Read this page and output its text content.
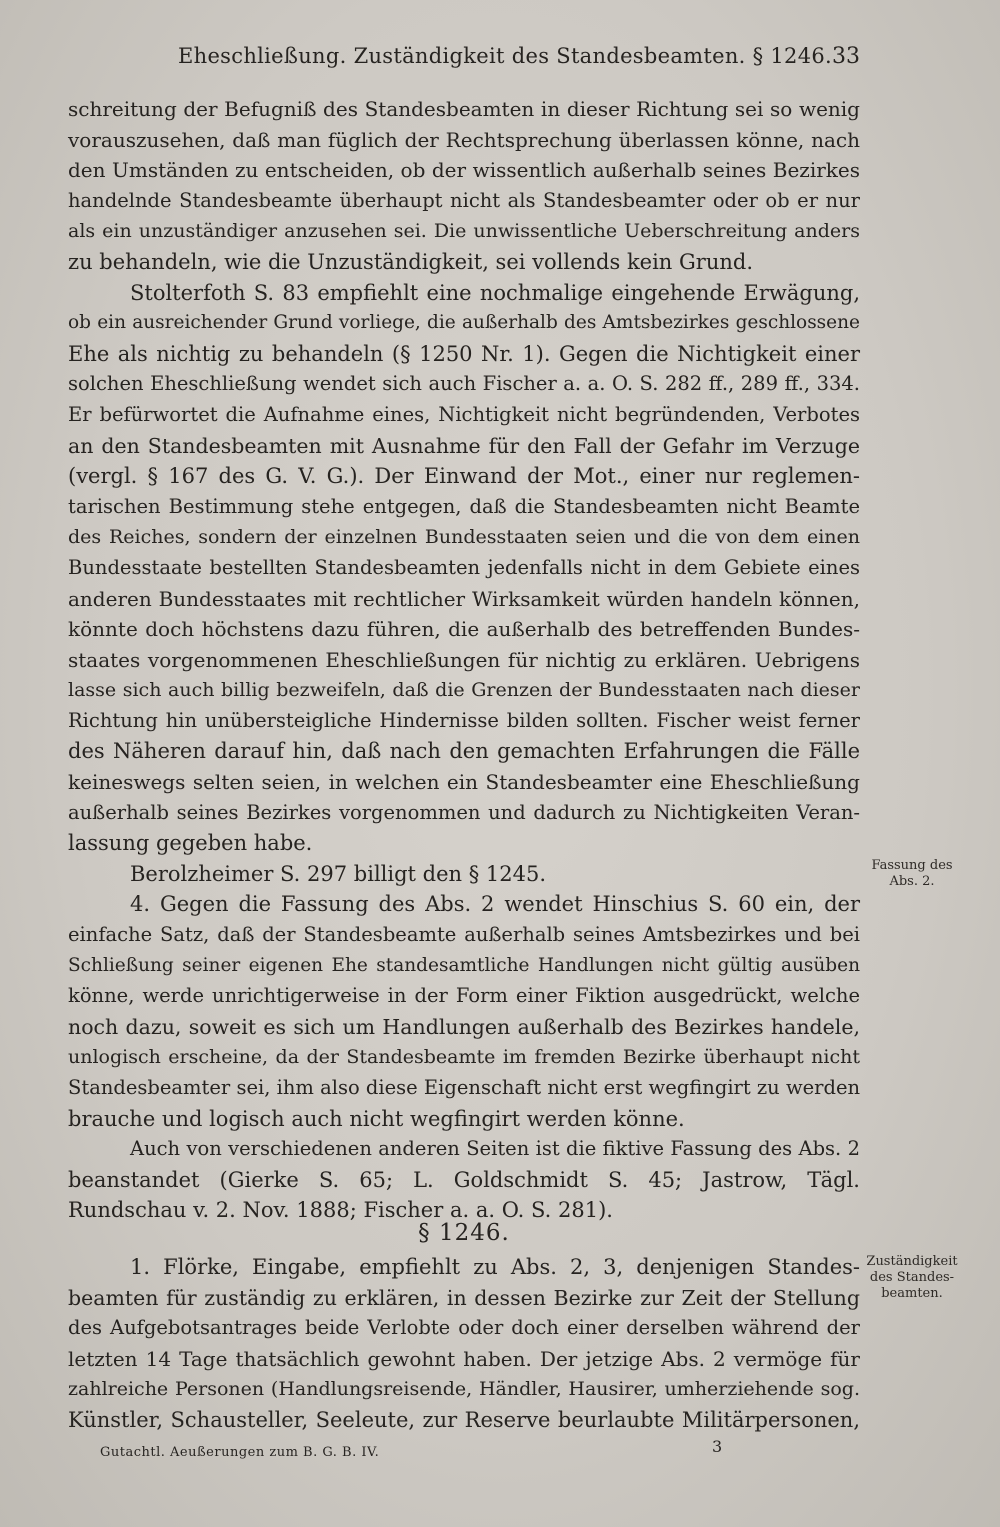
Eheschließung. Zuständigkeit des Standesbeamten. § 1246. 33
schreitung der Befugniß des Standesbeamten in dieser Richtung sei so wenig
vorauszusehen, daß man füglich der Rechtsprechung überlassen könne, nach
den Umständen zu entscheiden, ob der wissentlich außerhalb seines Bezirkes
handelnde Standesbeamte überhaupt nicht als Standesbeamter oder ob er nur
als ein unzuständiger anzusehen sei. Die unwissentliche Ueberschreitung anders
zu behandeln, wie die Unzuständigkeit, sei vollends kein Grund.
Stolterfoth S. 83 empfiehlt eine nochmalige eingehende Erwägung,
ob ein ausreichender Grund vorliege, die außerhalb des Amtsbezirkes geschlossene
Ehe als nichtig zu behandeln (§ 1250 Nr. 1). Gegen die Nichtigkeit einer
solchen Eheschließung wendet sich auch Fischer a. a. O. S. 282 ff., 289 ff., 334.
Er befürwortet die Aufnahme eines, Nichtigkeit nicht begründenden, Verbotes
an den Standesbeamten mit Ausnahme für den Fall der Gefahr im Verzuge
(vergl. § 167 des G. V. G.). Der Einwand der Mot., einer nur reglemen-
tarischen Bestimmung stehe entgegen, daß die Standesbeamten nicht Beamte
des Reiches, sondern der einzelnen Bundesstaaten seien und die von dem einen
Bundesstaate bestellten Standesbeamten jedenfalls nicht in dem Gebiete eines
anderen Bundesstaates mit rechtlicher Wirksamkeit würden handeln können,
könnte doch höchstens dazu führen, die außerhalb des betreffenden Bundes-
staates vorgenommenen Eheschließungen für nichtig zu erklären. Uebrigens
lasse sich auch billig bezweifeln, daß die Grenzen der Bundesstaaten nach dieser
Richtung hin unübersteigliche Hindernisse bilden sollten. Fischer weist ferner
des Näheren darauf hin, daß nach den gemachten Erfahrungen die Fälle
keineswegs selten seien, in welchen ein Standesbeamter eine Eheschließung
außerhalb seines Bezirkes vorgenommen und dadurch zu Nichtigkeiten Veran-
lassung gegeben habe.
Berolzheimer S. 297 billigt den § 1245.
4. Gegen die Fassung des Abs. 2 wendet Hinschius S. 60 ein, der
einfache Satz, daß der Standesbeamte außerhalb seines Amtsbezirkes und bei
Schließung seiner eigenen Ehe standesamtliche Handlungen nicht gültig ausüben
könne, werde unrichtigerweise in der Form einer Fiktion ausgedrückt, welche
noch dazu, soweit es sich um Handlungen außerhalb des Bezirkes handele,
unlogisch erscheine, da der Standesbeamte im fremden Bezirke überhaupt nicht
Standesbeamter sei, ihm also diese Eigenschaft nicht erst wegfingirt zu werden
brauche und logisch auch nicht wegfingirt werden könne.
Auch von verschiedenen anderen Seiten ist die fiktive Fassung des Abs. 2
beanstandet (Gierke S. 65; L. Goldschmidt S. 45; Jastrow, Tägl.
Rundschau v. 2. Nov. 1888; Fischer a. a. O. S. 281).
§ 1246.
1. Flörke, Eingabe, empfiehlt zu Abs. 2, 3, denjenigen Standes-
beamten für zuständig zu erklären, in dessen Bezirke zur Zeit der Stellung
des Aufgebotsantrages beide Verlobte oder doch einer derselben während der
letzten 14 Tage thatsächlich gewohnt haben. Der jetzige Abs. 2 vermöge für
zahlreiche Personen (Handlungsreisende, Händler, Hausirer, umherziehende sog.
Künstler, Schausteller, Seeleute, zur Reserve beurlaubte Militärpersonen,
Fassung des
Abs. 2.
Zuständigkeit
des Standes-
beamten.
Gutachtl. Aeußerungen zum B. G. B. IV.	3
